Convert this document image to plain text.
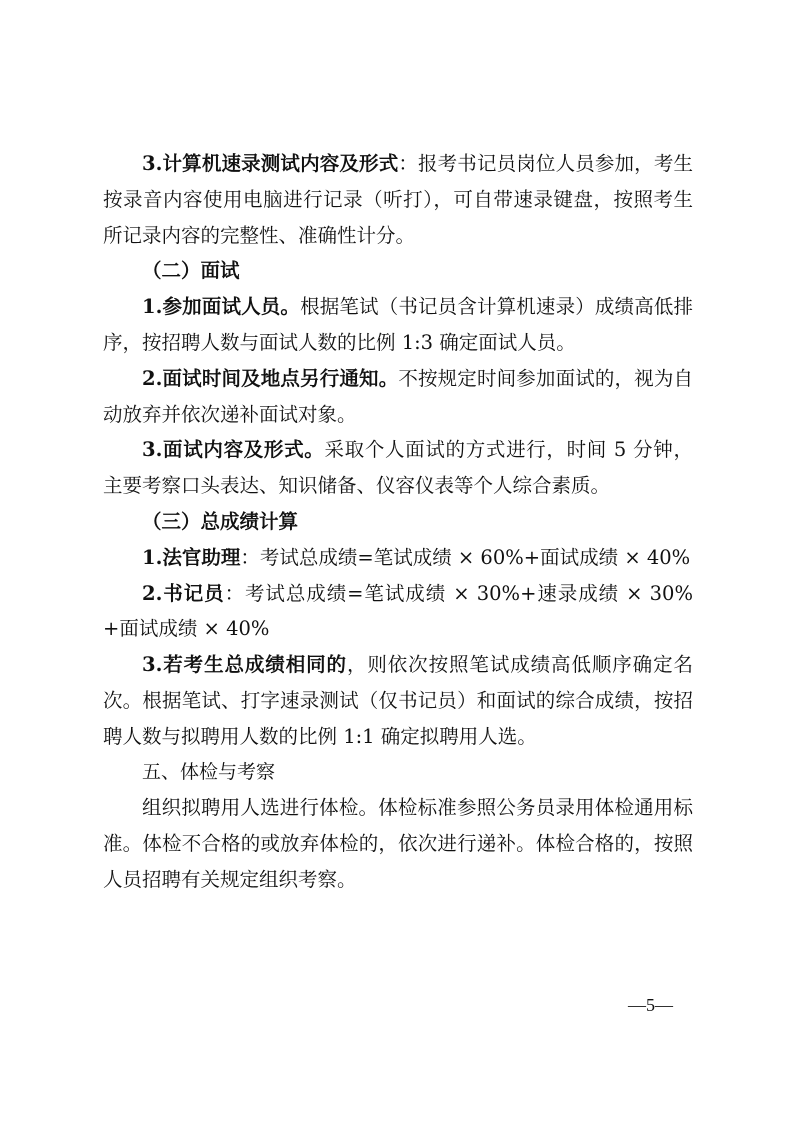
3.计算机速录测试内容及形式：报考书记员岗位人员参加，考生按录音内容使用电脑进行记录（听打），可自带速录键盘，按照考生所记录内容的完整性、准确性计分。

（二）面试

1.参加面试人员。根据笔试（书记员含计算机速录）成绩高低排序，按招聘人数与面试人数的比例 1:3 确定面试人员。

2.面试时间及地点另行通知。不按规定时间参加面试的，视为自动放弃并依次递补面试对象。

3.面试内容及形式。采取个人面试的方式进行，时间 5 分钟，主要考察口头表达、知识储备、仪容仪表等个人综合素质。

（三）总成绩计算

1.法官助理：考试总成绩=笔试成绩 × 60%+面试成绩 × 40%

2.书记员：考试总成绩=笔试成绩 × 30%+速录成绩 × 30%+面试成绩 × 40%

3.若考生总成绩相同的，则依次按照笔试成绩高低顺序确定名次。根据笔试、打字速录测试（仅书记员）和面试的综合成绩，按招聘人数与拟聘用人数的比例 1:1 确定拟聘用人选。

五、体检与考察

组织拟聘用人选进行体检。体检标准参照公务员录用体检通用标准。体检不合格的或放弃体检的，依次进行递补。体检合格的，按照人员招聘有关规定组织考察。

—5—
